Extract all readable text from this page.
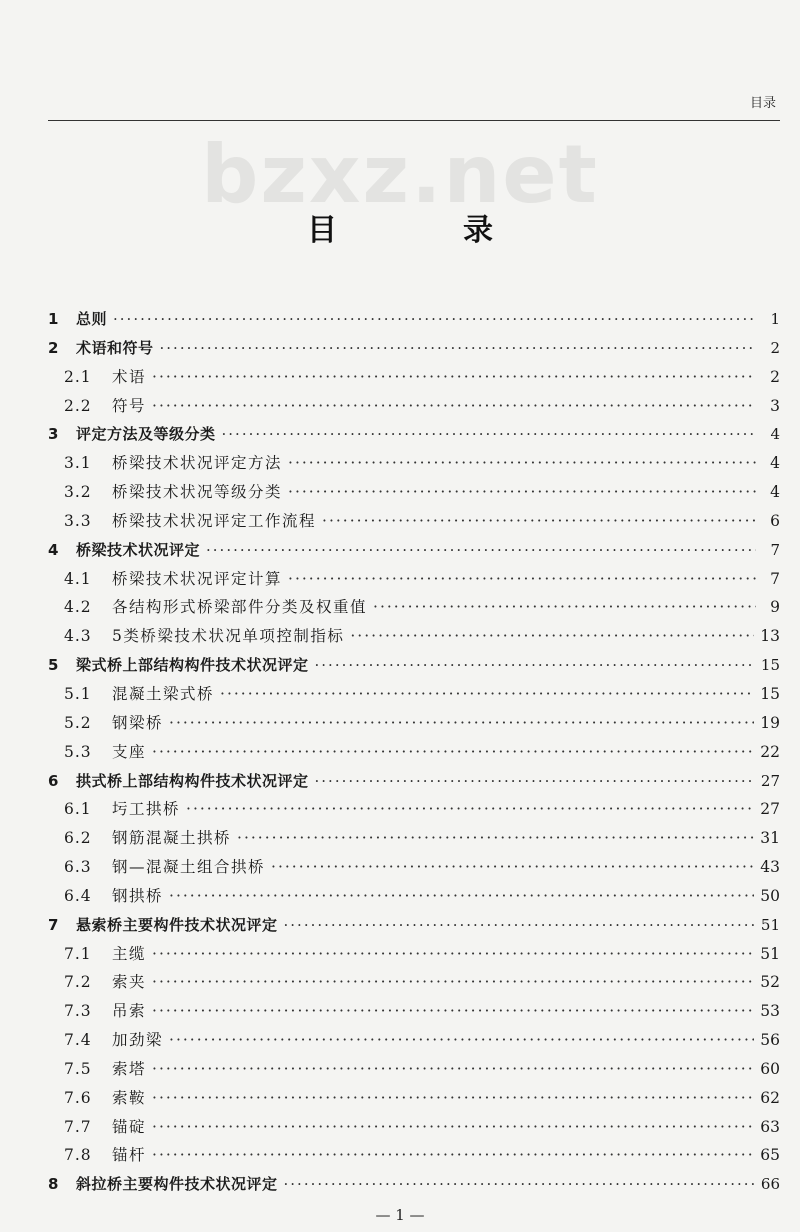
目录
bzxz.net
目　录
1	总则 ·····	1
2	术语和符号 ·····	2
2.1	术语 ·····	2
2.2	符号 ·····	3
3	评定方法及等级分类 ·····	4
3.1	桥梁技术状况评定方法 ·····	4
3.2	桥梁技术状况等级分类 ·····	4
3.3	桥梁技术状况评定工作流程 ·····	6
4	桥梁技术状况评定 ·····	7
4.1	桥梁技术状况评定计算 ·····	7
4.2	各结构形式桥梁部件分类及权重值 ·····	9
4.3	5类桥梁技术状况单项控制指标 ·····	13
5	梁式桥上部结构构件技术状况评定 ·····	15
5.1	混凝土梁式桥 ·····	15
5.2	钢梁桥 ·····	19
5.3	支座 ·····	22
6	拱式桥上部结构构件技术状况评定 ·····	27
6.1	圬工拱桥 ·····	27
6.2	钢筋混凝土拱桥 ·····	31
6.3	钢—混凝土组合拱桥 ·····	43
6.4	钢拱桥 ·····	50
7	悬索桥主要构件技术状况评定 ·····	51
7.1	主缆 ·····	51
7.2	索夹 ·····	52
7.3	吊索 ·····	53
7.4	加劲梁 ·····	56
7.5	索塔 ·····	60
7.6	索鞍 ·····	62
7.7	锚碇 ·····	63
7.8	锚杆 ·····	65
8	斜拉桥主要构件技术状况评定 ·····	66
— 1 —
